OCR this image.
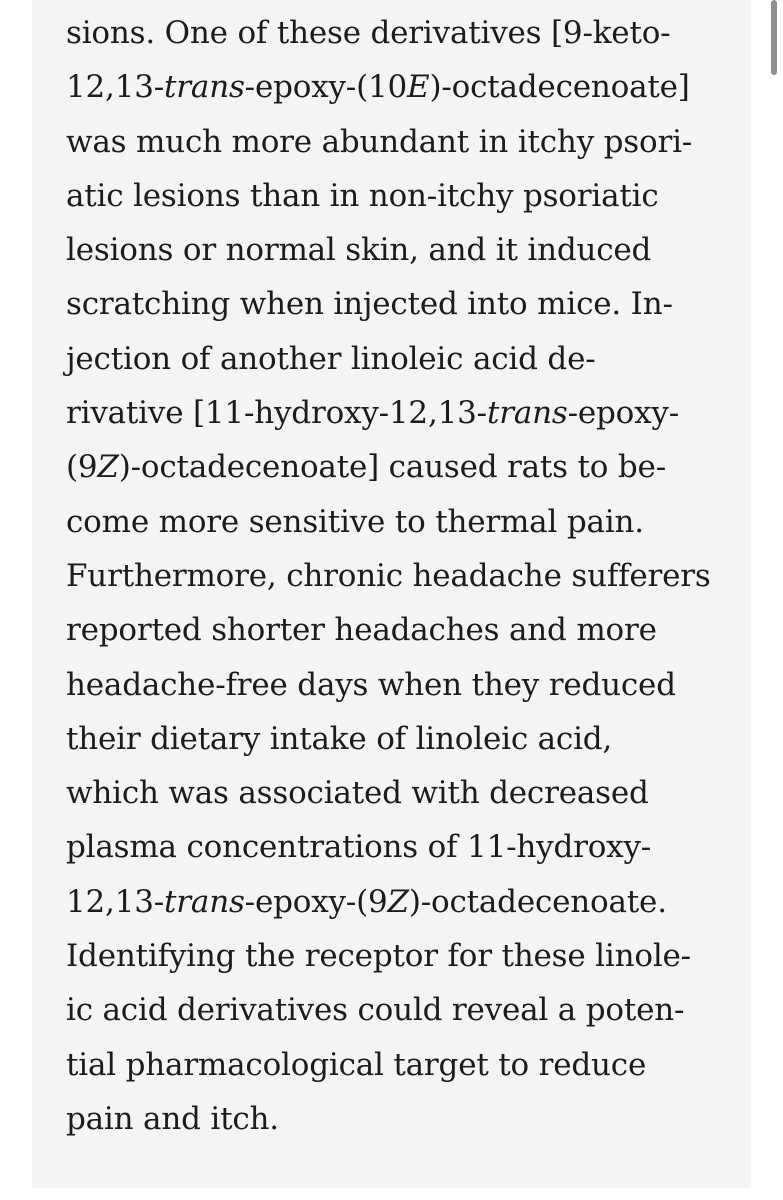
sions. One of these derivatives [9-keto-
12,13-trans-epoxy-(10E)-octadecenoate]
was much more abundant in itchy psori-
atic lesions than in non-itchy psoriatic
lesions or normal skin, and it induced
scratching when injected into mice. In-
jection of another linoleic acid de-
rivative [11-hydroxy-12,13-trans-epoxy-
(9Z)-octadecenoate] caused rats to be-
come more sensitive to thermal pain.
Furthermore, chronic headache sufferers
reported shorter headaches and more
headache-free days when they reduced
their dietary intake of linoleic acid,
which was associated with decreased
plasma concentrations of 11-hydroxy-
12,13-trans-epoxy-(9Z)-octadecenoate.
Identifying the receptor for these linole-
ic acid derivatives could reveal a poten-
tial pharmacological target to reduce
pain and itch.
